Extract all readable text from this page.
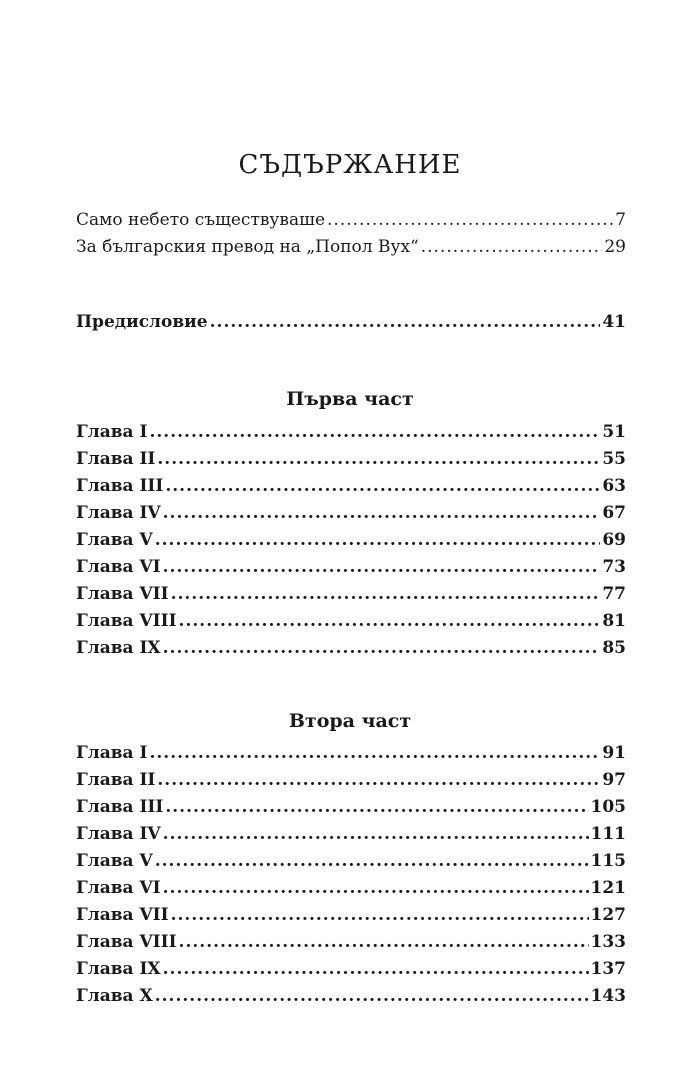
СЪДЪРЖАНИЕ
Само небето съществуваше .....	7
За българския превод на „Попол Вух“ .....	29
Предисловие .....	41
Първа част
Глава I .....	51
Глава II .....	55
Глава III .....	63
Глава IV .....	67
Глава V .....	69
Глава VI .....	73
Глава VII .....	77
Глава VIII .....	81
Глава IX .....	85
Втора част
Глава I .....	91
Глава II .....	97
Глава III .....	105
Глава IV .....	111
Глава V .....	115
Глава VI .....	121
Глава VII .....	127
Глава VIII .....	133
Глава IX .....	137
Глава X .....	143
